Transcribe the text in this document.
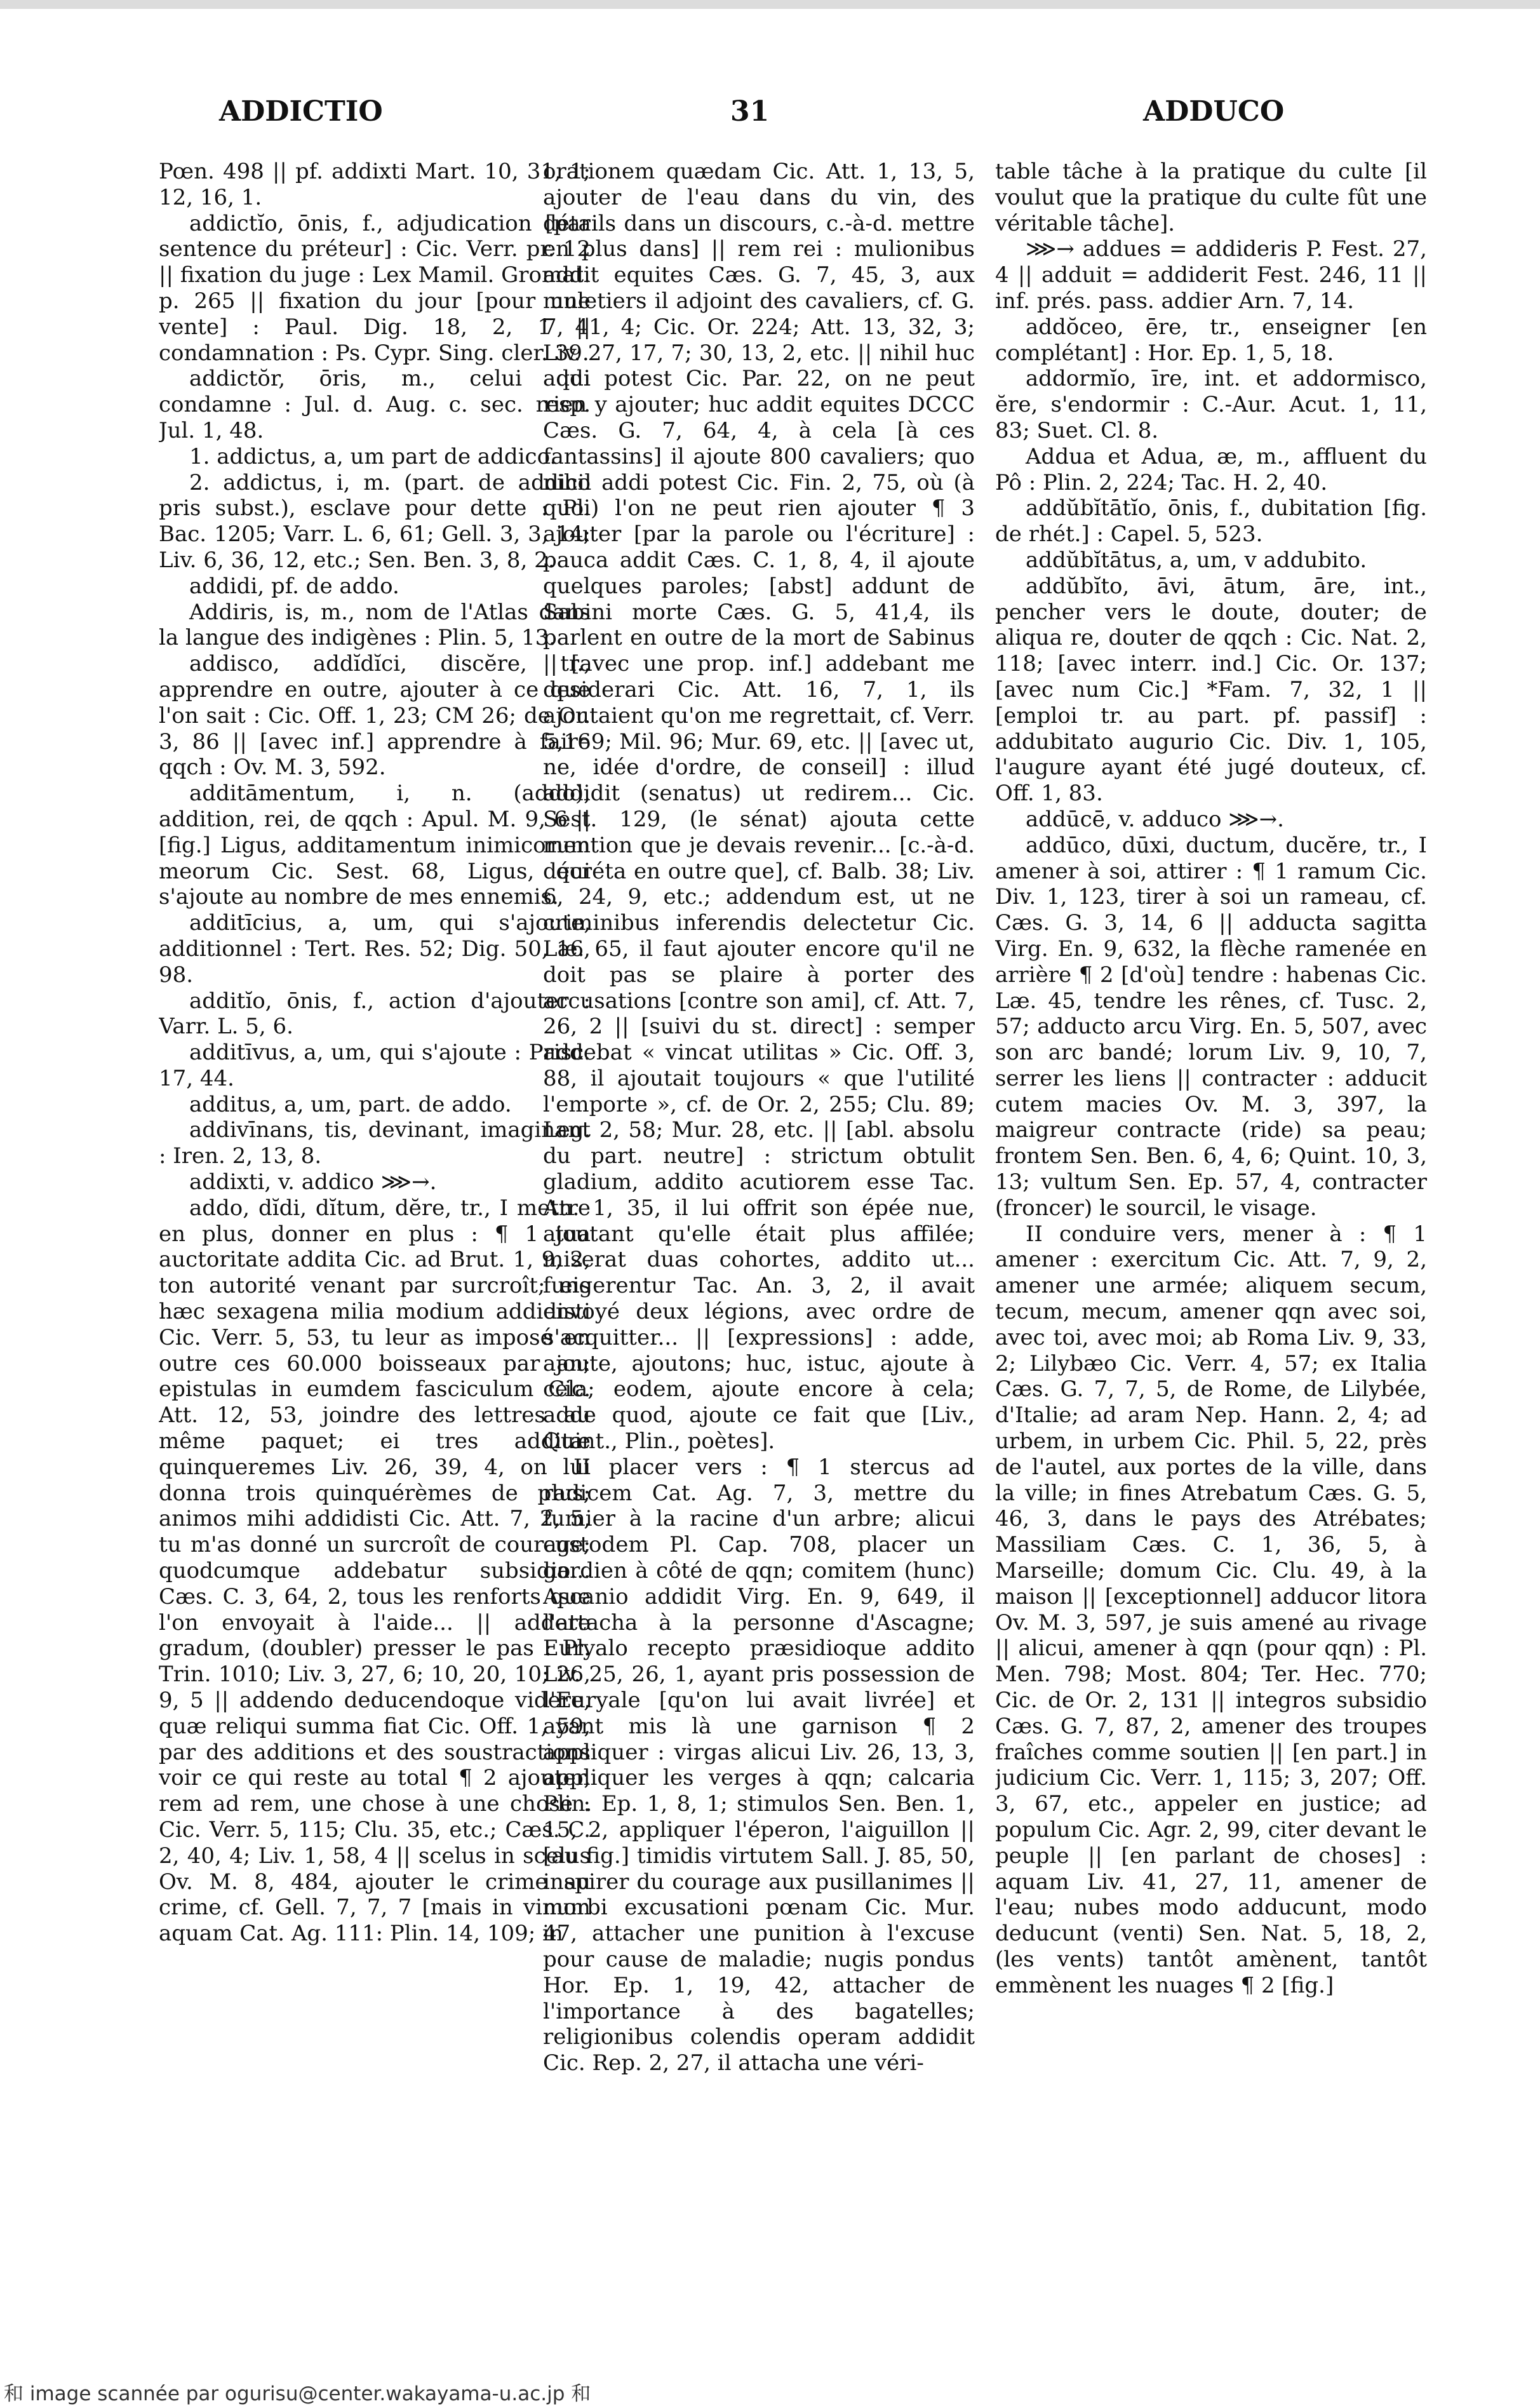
ADDICTIO	31	ADDUCO

Pœn. 498 || pf. addixti Mart. 10, 31, 1; 12, 16, 1.

addictĭo, ōnis, f., adjudication [par sentence du préteur] : Cic. Verr. pr. 12 || fixation du juge : Lex Mamil. Gromat. p. 265 || fixation du jour [pour une vente] : Paul. Dig. 18, 2, 1 || condamnation : Ps. Cypr. Sing. cler. 39.

addictŏr, ōris, m., celui qui condamne : Jul. d. Aug. c. sec. resp. Jul. 1, 48.

1. addictus, a, um part de addico.

2. addictus, i, m. (part. de addico pris subst.), esclave pour dette : Pl. Bac. 1205; Varr. L. 6, 61; Gell. 3, 3, 14; Liv. 6, 36, 12, etc.; Sen. Ben. 3, 8, 2.

addidi, pf. de addo.

Addiris, is, m., nom de l'Atlas dans la langue des indigènes : Plin. 5, 13.

addisco, addĭdĭci, discĕre, tr., apprendre en outre, ajouter à ce que l'on sait : Cic. Off. 1, 23; CM 26; de Or. 3, 86 || [avec inf.] apprendre à faire qqch : Ov. M. 3, 592.

additāmentum, i, n. (addo), addition, rei, de qqch : Apul. M. 9, 6 || [fig.] Ligus, additamentum inimicorum meorum Cic. Sest. 68, Ligus, qui s'ajoute au nombre de mes ennemis.

additīcius, a, um, qui s'ajoute, additionnel : Tert. Res. 52; Dig. 50, 16, 98.

additĭo, ōnis, f., action d'ajouter : Varr. L. 5, 6.

additīvus, a, um, qui s'ajoute : Prisc. 17, 44.

additus, a, um, part. de addo.

addivīnans, tis, devinant, imaginant : Iren. 2, 13, 8.

addixti, v. addico ⋙→.

addo, dĭdi, dĭtum, dĕre, tr., I mettre en plus, donner en plus : ¶ 1 tua auctoritate addita Cic. ad Brut. 1, 9, 2, ton autorité venant par surcroît; eis hæc sexagena milia modium addidisti Cic. Verr. 5, 53, tu leur as imposé en outre ces 60.000 boisseaux par an; epistulas in eumdem fasciculum Cic. Att. 12, 53, joindre des lettres au même paquet; ei tres additæ quinqueremes Liv. 26, 39, 4, on lui donna trois quinquérèmes de plus; animos mihi addidisti Cic. Att. 7, 2, 5, tu m'as donné un surcroît de courage; quodcumque addebatur subsidio... Cæs. C. 3, 64, 2, tous les renforts que l'on envoyait à l'aide... || addere gradum, (doubler) presser le pas : Pl. Trin. 1010; Liv. 3, 27, 6; 10, 20, 10; 26, 9, 5 || addendo deducendoque videre, quæ reliqui summa fiat Cic. Off. 1, 59, par des additions et des soustractions voir ce qui reste au total ¶ 2 ajouter, rem ad rem, une chose à une chose : Cic. Verr. 5, 115; Clu. 35, etc.; Cæs. C. 2, 40, 4; Liv. 1, 58, 4 || scelus in scelus Ov. M. 8, 484, ajouter le crime au crime, cf. Gell. 7, 7, 7 [mais in vinum aquam Cat. Ag. 111: Plin. 14, 109; in

orationem quædam Cic. Att. 1, 13, 5, ajouter de l'eau dans du vin, des détails dans un discours, c.-à-d. mettre en plus dans] || rem rei : mulionibus addit equites Cæs. G. 7, 45, 3, aux muletiers il adjoint des cavaliers, cf. G. 7, 41, 4; Cic. Or. 224; Att. 13, 32, 3; Liv. 27, 17, 7; 30, 13, 2, etc. || nihil huc addi potest Cic. Par. 22, on ne peut rien y ajouter; huc addit equites DCCC Cæs. G. 7, 64, 4, à cela [à ces fantassins] il ajoute 800 cavaliers; quo nihil addi potest Cic. Fin. 2, 75, où (à quoi) l'on ne peut rien ajouter ¶ 3 ajouter [par la parole ou l'écriture] : pauca addit Cæs. C. 1, 8, 4, il ajoute quelques paroles; [abst] addunt de Sabini morte Cæs. G. 5, 41,4, ils parlent en outre de la mort de Sabinus || [avec une prop. inf.] addebant me desiderari Cic. Att. 16, 7, 1, ils ajoutaient qu'on me regrettait, cf. Verr. 5,169; Mil. 96; Mur. 69, etc. || [avec ut, ne, idée d'ordre, de conseil] : illud addidit (senatus) ut redirem... Cic. Sest. 129, (le sénat) ajouta cette mention que je devais revenir... [c.-à-d. décréta en outre que], cf. Balb. 38; Liv. 6, 24, 9, etc.; addendum est, ut ne criminibus inferendis delectetur Cic. Læ. 65, il faut ajouter encore qu'il ne doit pas se plaire à porter des accusations [contre son ami], cf. Att. 7, 26, 2 || [suivi du st. direct] : semper addebat « vincat utilitas » Cic. Off. 3, 88, il ajoutait toujours « que l'utilité l'emporte », cf. de Or. 2, 255; Clu. 89; Leg. 2, 58; Mur. 28, etc. || [abl. absolu du part. neutre] : strictum obtulit gladium, addito acutiorem esse Tac. An. 1, 35, il lui offrit son épée nue, ajoutant qu'elle était plus affilée; miserat duas cohortes, addito ut... fungerentur Tac. An. 3, 2, il avait envoyé deux légions, avec ordre de s'acquitter... || [expressions] : adde, ajoute, ajoutons; huc, istuc, ajoute à cela; eodem, ajoute encore à cela; adde quod, ajoute ce fait que [Liv., Quint., Plin., poètes].

II placer vers : ¶ 1 stercus ad radicem Cat. Ag. 7, 3, mettre du fumier à la racine d'un arbre; alicui custodem Pl. Cap. 708, placer un gardien à côté de qqn; comitem (hunc) Ascanio addidit Virg. En. 9, 649, il l'attacha à la personne d'Ascagne; Euryalo recepto præsidioque addito Liv. 25, 26, 1, ayant pris possession de l'Euryale [qu'on lui avait livrée] et ayant mis là une garnison ¶ 2 appliquer : virgas alicui Liv. 26, 13, 3, appliquer les verges à qqn; calcaria Plin. Ep. 1, 8, 1; stimulos Sen. Ben. 1, 15, 2, appliquer l'éperon, l'aiguillon || [au fig.] timidis virtutem Sall. J. 85, 50, inspirer du courage aux pusillanimes || morbi excusationi pœnam Cic. Mur. 47, attacher une punition à l'excuse pour cause de maladie; nugis pondus Hor. Ep. 1, 19, 42, attacher de l'importance à des bagatelles; religionibus colendis operam addidit Cic. Rep. 2, 27, il attacha une véri-

table tâche à la pratique du culte [il voulut que la pratique du culte fût une véritable tâche].

⋙→ addues = addideris P. Fest. 27, 4 || adduit = addiderit Fest. 246, 11 || inf. prés. pass. addier Arn. 7, 14.

addŏceo, ēre, tr., enseigner [en complétant] : Hor. Ep. 1, 5, 18.

addormĭo, īre, int. et addormisco, ĕre, s'endormir : C.-Aur. Acut. 1, 11, 83; Suet. Cl. 8.

Addua et Adua, æ, m., affluent du Pô : Plin. 2, 224; Tac. H. 2, 40.

addŭbĭtātĭo, ōnis, f., dubitation [fig. de rhét.] : Capel. 5, 523.

addŭbĭtātus, a, um, v addubito.

addŭbĭto, āvi, ātum, āre, int., pencher vers le doute, douter; de aliqua re, douter de qqch : Cic. Nat. 2, 118; [avec interr. ind.] Cic. Or. 137; [avec num Cic.] *Fam. 7, 32, 1 || [emploi tr. au part. pf. passif] : addubitato augurio Cic. Div. 1, 105, l'augure ayant été jugé douteux, cf. Off. 1, 83.

addūcē, v. adduco ⋙→.

addūco, dūxi, ductum, ducĕre, tr., I amener à soi, attirer : ¶ 1 ramum Cic. Div. 1, 123, tirer à soi un rameau, cf. Cæs. G. 3, 14, 6 || adducta sagitta Virg. En. 9, 632, la flèche ramenée en arrière ¶ 2 [d'où] tendre : habenas Cic. Læ. 45, tendre les rênes, cf. Tusc. 2, 57; adducto arcu Virg. En. 5, 507, avec son arc bandé; lorum Liv. 9, 10, 7, serrer les liens || contracter : adducit cutem macies Ov. M. 3, 397, la maigreur contracte (ride) sa peau; frontem Sen. Ben. 6, 4, 6; Quint. 10, 3, 13; vultum Sen. Ep. 57, 4, contracter (froncer) le sourcil, le visage.

II conduire vers, mener à : ¶ 1 amener : exercitum Cic. Att. 7, 9, 2, amener une armée; aliquem secum, tecum, mecum, amener qqn avec soi, avec toi, avec moi; ab Roma Liv. 9, 33, 2; Lilybæo Cic. Verr. 4, 57; ex Italia Cæs. G. 7, 7, 5, de Rome, de Lilybée, d'Italie; ad aram Nep. Hann. 2, 4; ad urbem, in urbem Cic. Phil. 5, 22, près de l'autel, aux portes de la ville, dans la ville; in fines Atrebatum Cæs. G. 5, 46, 3, dans le pays des Atrébates; Massiliam Cæs. C. 1, 36, 5, à Marseille; domum Cic. Clu. 49, à la maison || [exceptionnel] adducor litora Ov. M. 3, 597, je suis amené au rivage || alicui, amener à qqn (pour qqn) : Pl. Men. 798; Most. 804; Ter. Hec. 770; Cic. de Or. 2, 131 || integros subsidio Cæs. G. 7, 87, 2, amener des troupes fraîches comme soutien || [en part.] in judicium Cic. Verr. 1, 115; 3, 207; Off. 3, 67, etc., appeler en justice; ad populum Cic. Agr. 2, 99, citer devant le peuple || [en parlant de choses] : aquam Liv. 41, 27, 11, amener de l'eau; nubes modo adducunt, modo deducunt (venti) Sen. Nat. 5, 18, 2, (les vents) tantôt amènent, tantôt emmènent les nuages ¶ 2 [fig.]

和 image scannée par ogurisu@center.wakayama-u.ac.jp 和
